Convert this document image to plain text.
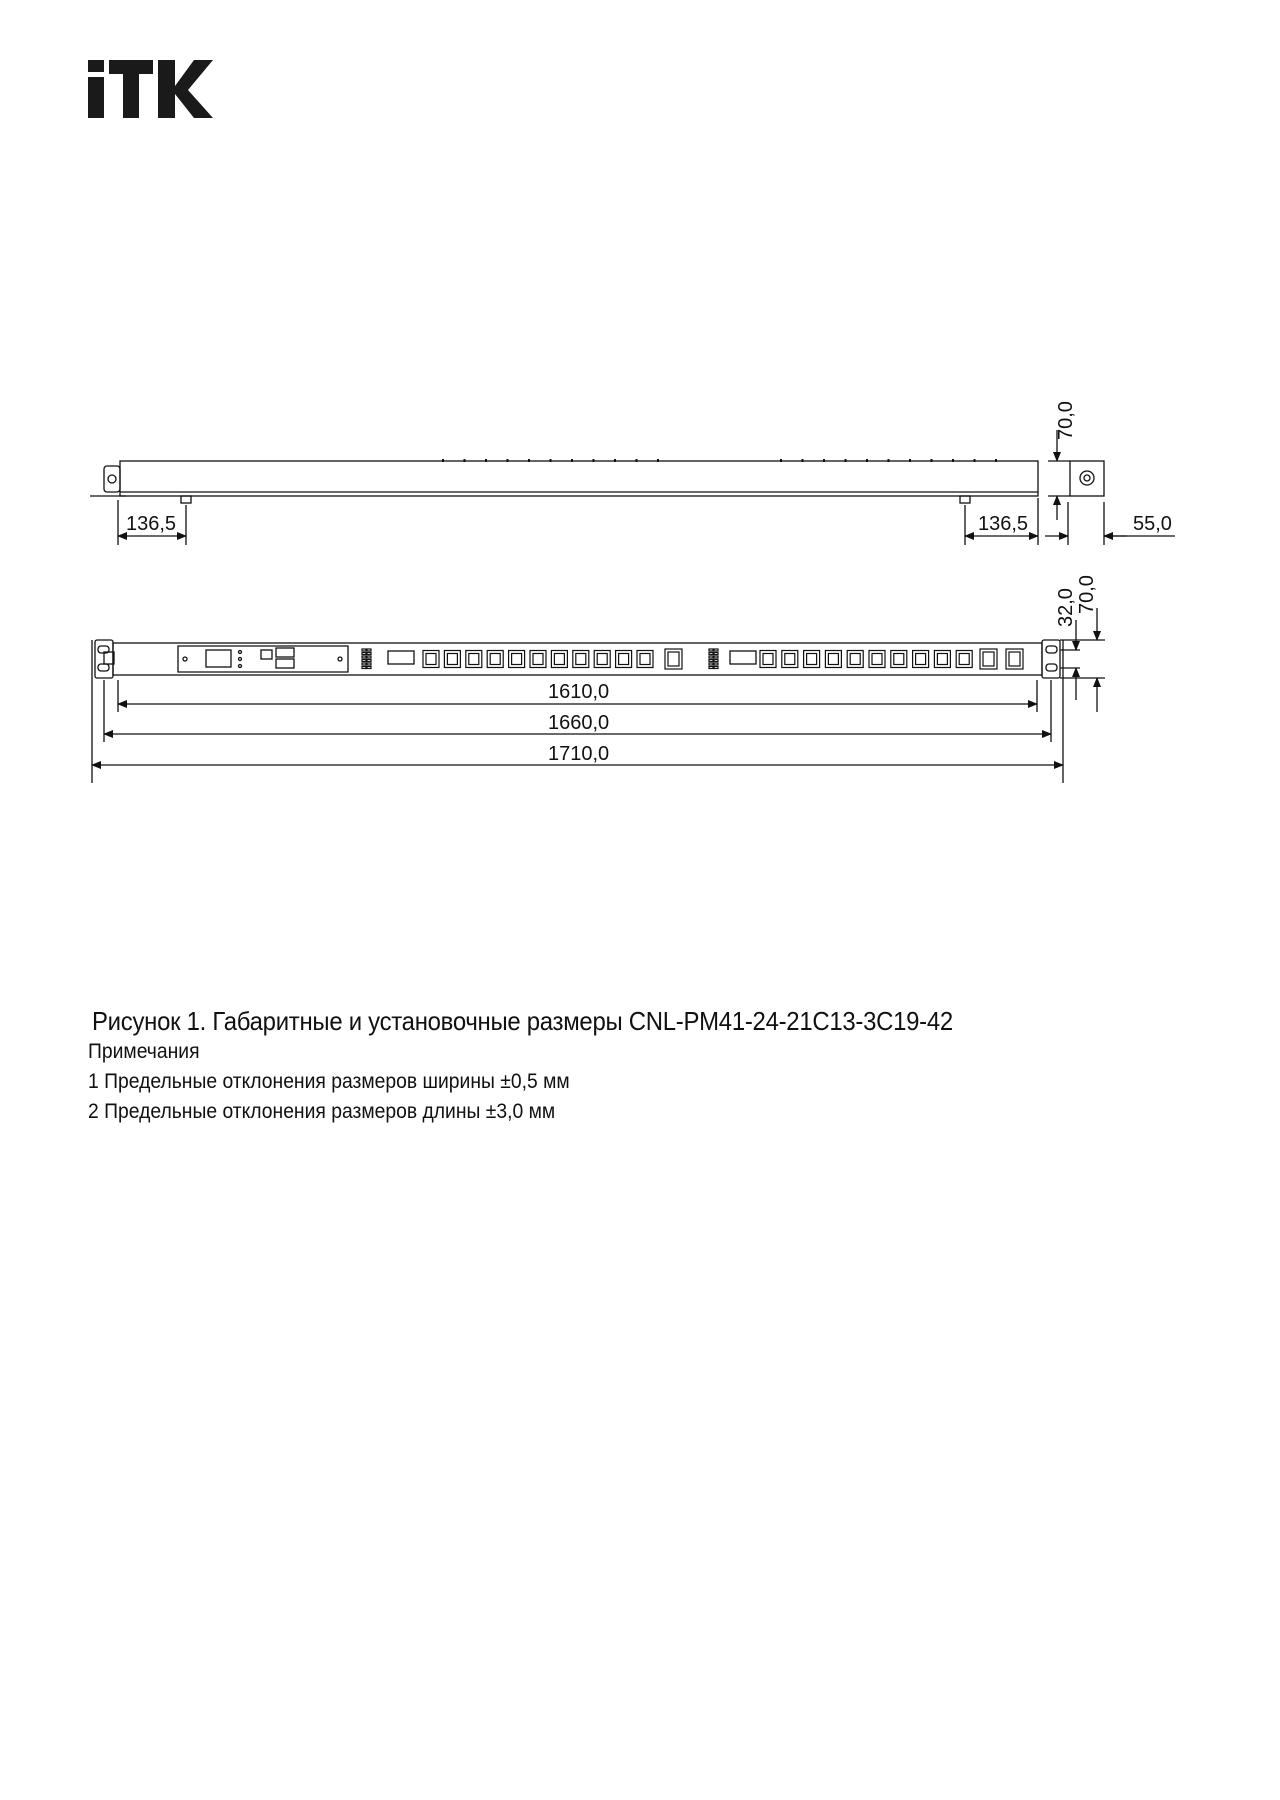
136,5	136,5
70,0
55,0
32,0 70,0
1610,0
1660,0
1710,0
Рисунок 1. Габаритные и установочные размеры CNL-PM41-24-21C13-3C19-42
Примечания
1 Предельные отклонения размеров ширины ±0,5 мм
2 Предельные отклонения размеров длины ±3,0 мм
